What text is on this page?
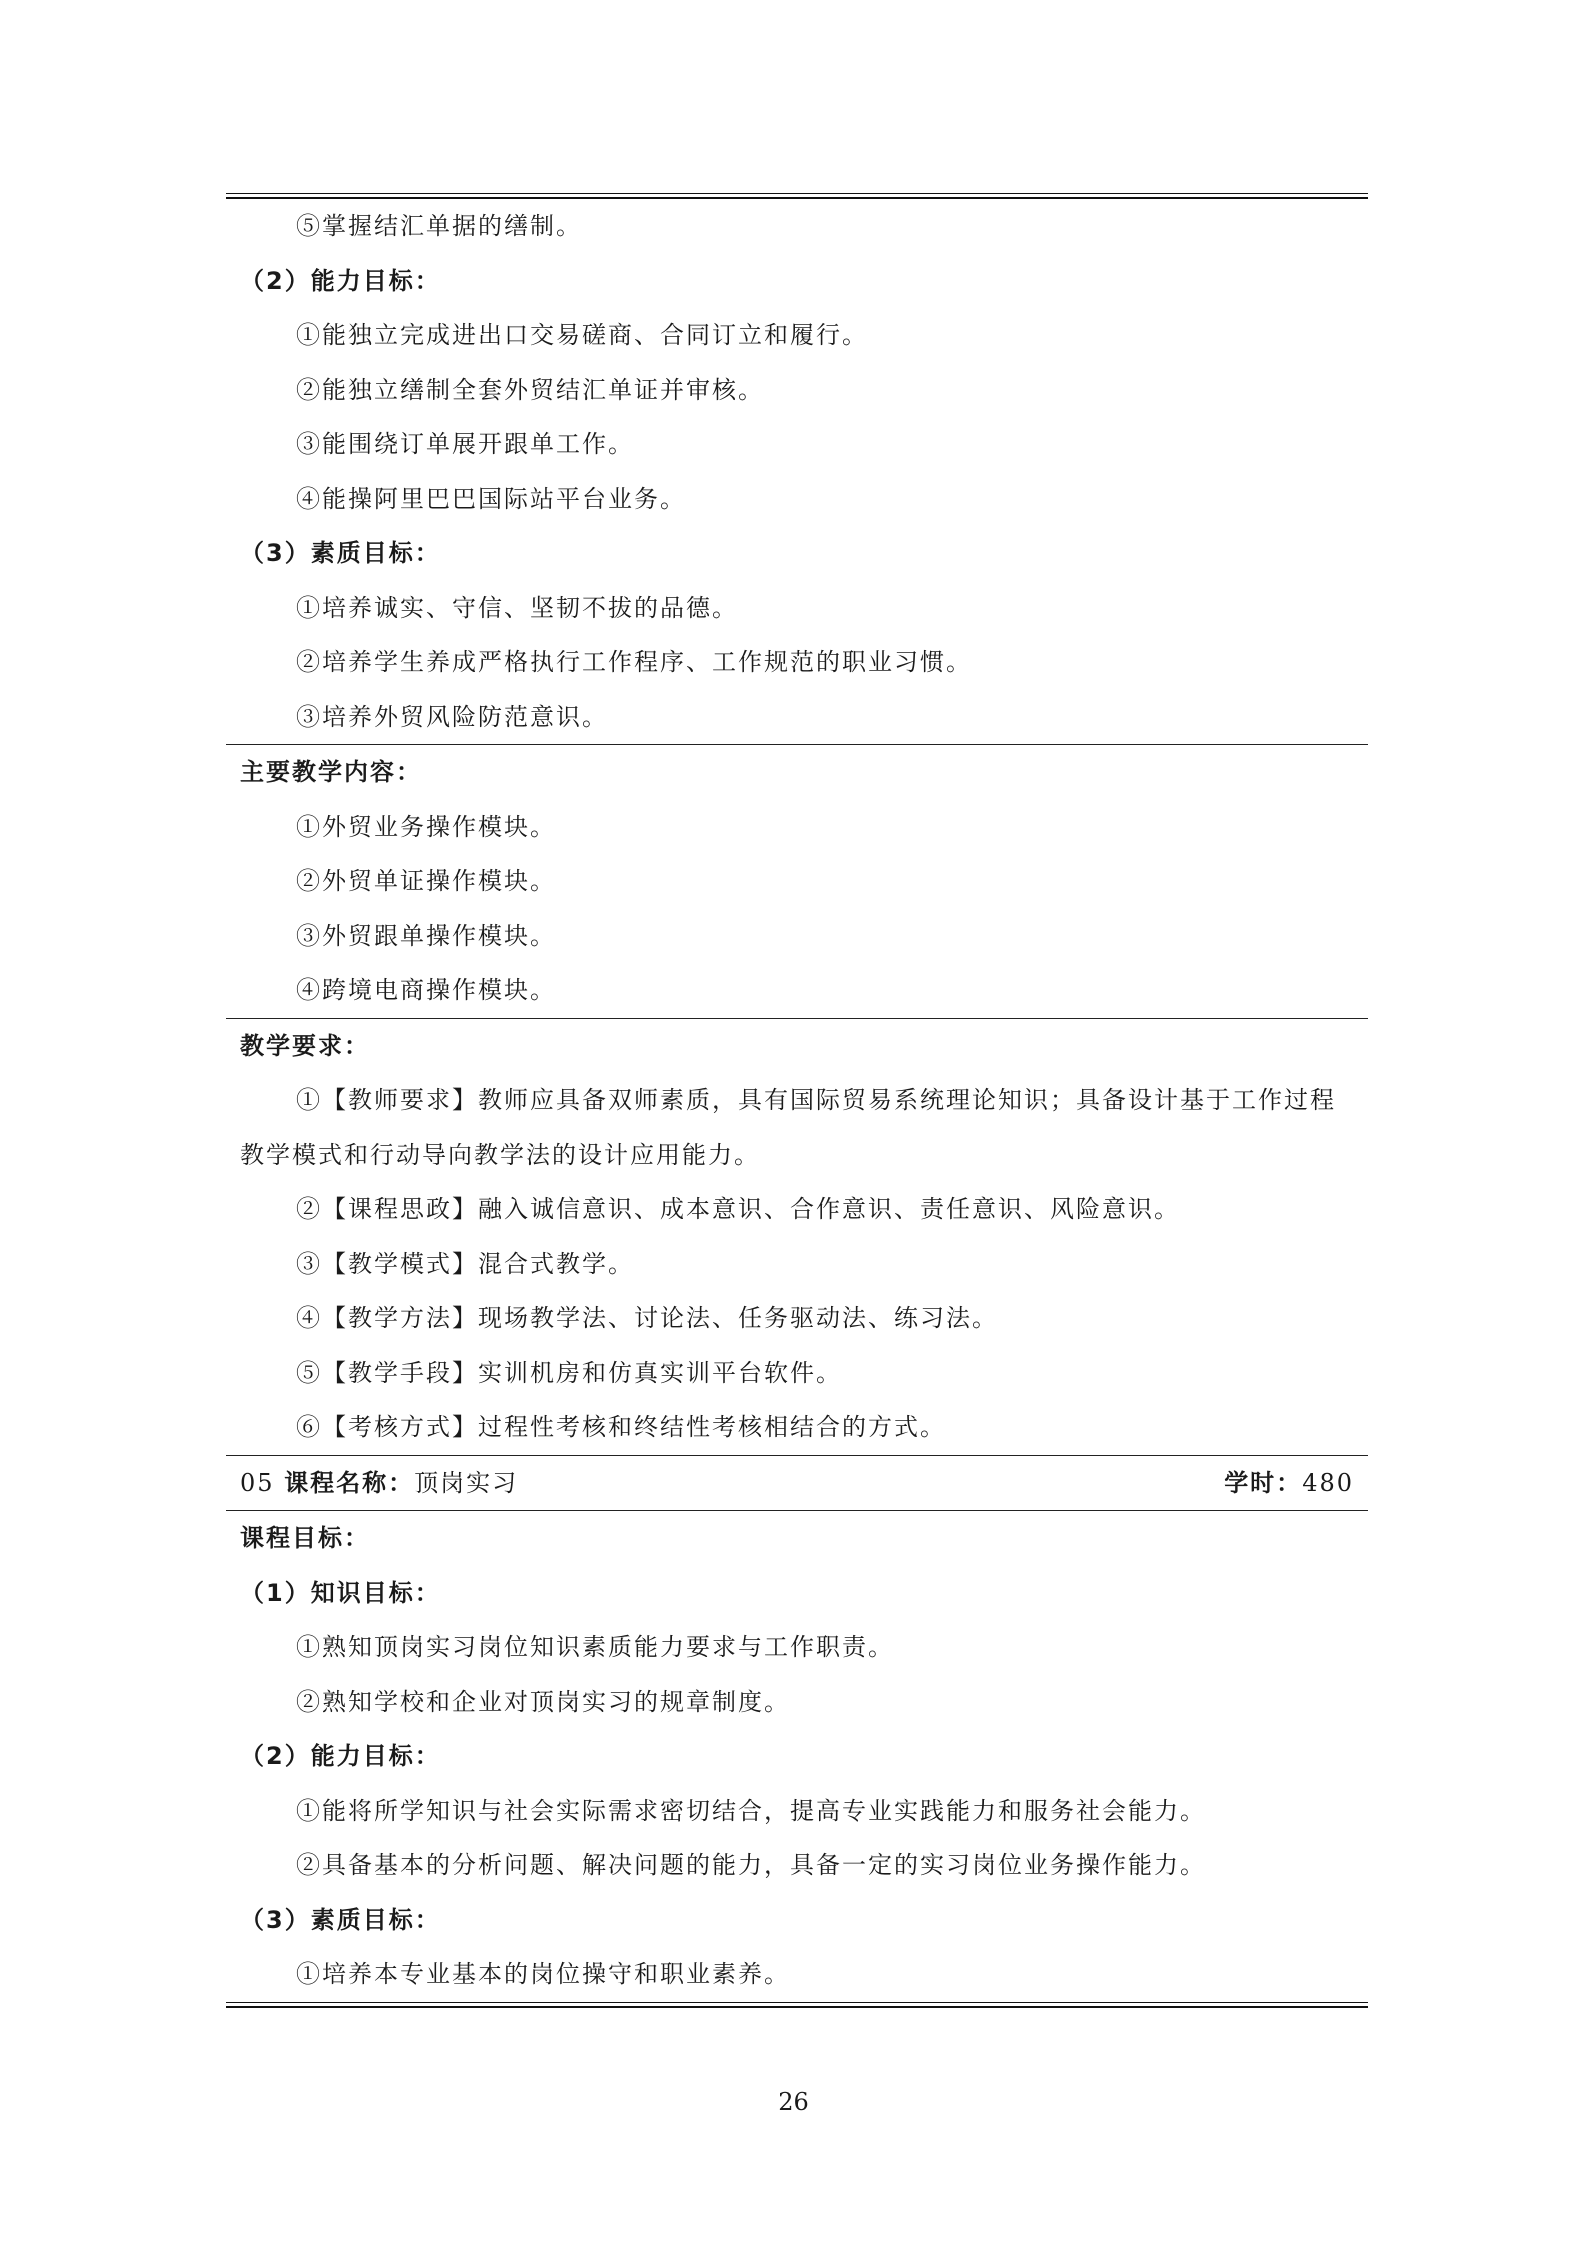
⑤掌握结汇单据的缮制。
（2）能力目标：
①能独立完成进出口交易磋商、合同订立和履行。
②能独立缮制全套外贸结汇单证并审核。
③能围绕订单展开跟单工作。
④能操阿里巴巴国际站平台业务。
（3）素质目标：
①培养诚实、守信、坚韧不拔的品德。
②培养学生养成严格执行工作程序、工作规范的职业习惯。
③培养外贸风险防范意识。
主要教学内容：
①外贸业务操作模块。
②外贸单证操作模块。
③外贸跟单操作模块。
④跨境电商操作模块。
教学要求：
①【教师要求】教师应具备双师素质，具有国际贸易系统理论知识；具备设计基于工作过程教学模式和行动导向教学法的设计应用能力。
②【课程思政】融入诚信意识、成本意识、合作意识、责任意识、风险意识。
③【教学模式】混合式教学。
④【教学方法】现场教学法、讨论法、任务驱动法、练习法。
⑤【教学手段】实训机房和仿真实训平台软件。
⑥【考核方式】过程性考核和终结性考核相结合的方式。
05 课程名称：顶岗实习	学时：480
课程目标：
（1）知识目标：
①熟知顶岗实习岗位知识素质能力要求与工作职责。
②熟知学校和企业对顶岗实习的规章制度。
（2）能力目标：
①能将所学知识与社会实际需求密切结合，提高专业实践能力和服务社会能力。
②具备基本的分析问题、解决问题的能力，具备一定的实习岗位业务操作能力。
（3）素质目标：
①培养本专业基本的岗位操守和职业素养。
26
